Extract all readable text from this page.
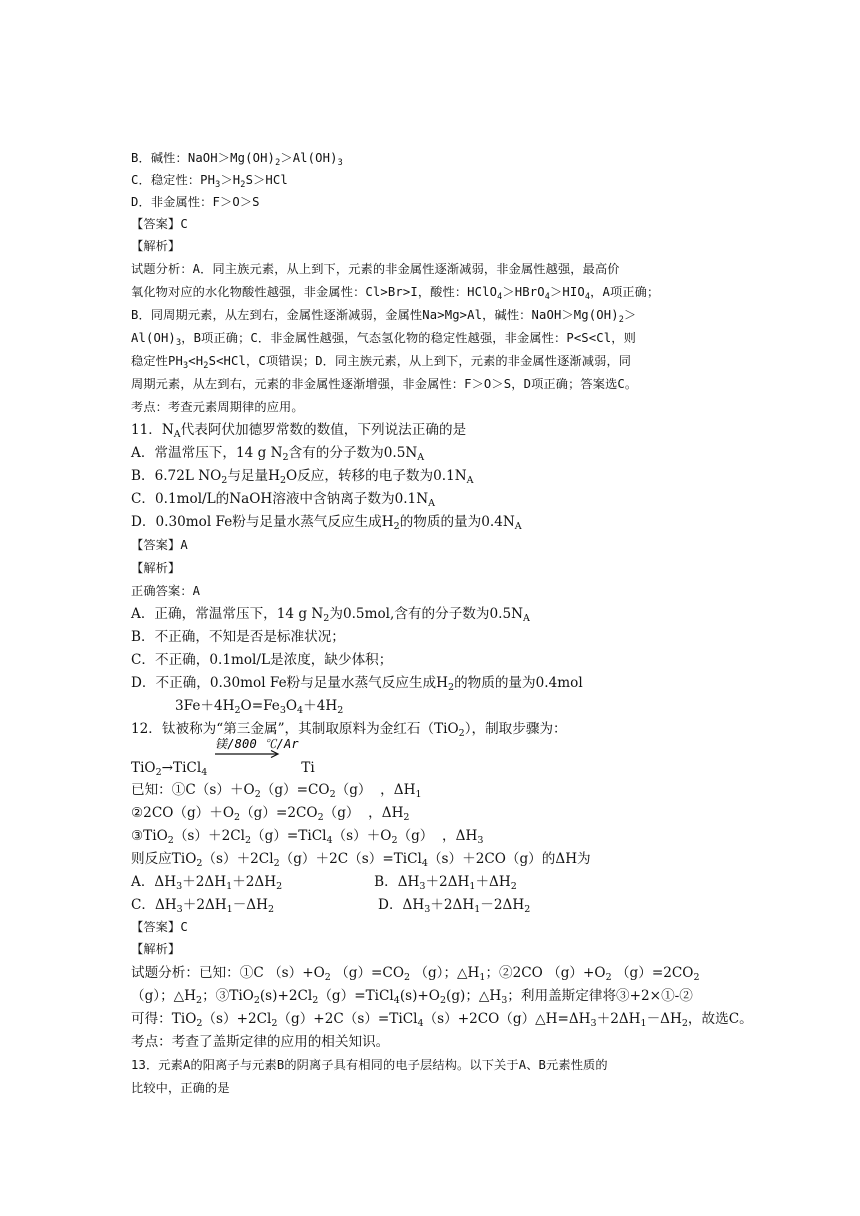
B．碱性：$NaOH>Mg(OH)_2>Al(OH)_3$
C．稳定性：$PH_3>H_2S>HCl$
D．非金属性：F＞O＞S
【答案】C
【解析】
试题分析：A．同主族元素，从上到下，元素的非金属性逐渐减弱，非金属性越强，最高价
氧化物对应的水化物酸性越强，非金属性：Cl>Br>I，酸性：$HClO_4>HBrO_4>HIO_4$，A项正确；
B．同周期元素，从左到右，金属性逐渐减弱，金属性Na>Mg>Al，碱性：$NaOH>Mg(OH)_2>$
$Al(OH)_3$，B项正确；C．非金属性越强，气态氢化物的稳定性越强，非金属性：P<S<Cl，则
稳定性$PH_3<H_2S<HCl$，C项错误；D．同主族元素，从上到下，元素的非金属性逐渐减弱，同
周期元素，从左到右，元素的非金属性逐渐增强，非金属性：F＞O＞S，D项正确；答案选C。
考点：考查元素周期律的应用。
11．$N_A$代表阿伏加德罗常数的数值，下列说法正确的是
A．常温常压下，14 g $N_2$含有的分子数为$0.5N_A$
B．6.72L $NO_2$与足量$H_2O$反应，转移的电子数为$0.1N_A$
C．0.1mol/L的NaOH溶液中含钠离子数为$0.1N_A$
D．0.30mol Fe粉与足量水蒸气反应生成$H_2$的物质的量为$0.4N_A$
【答案】A
【解析】
正确答案：A
A．正确，常温常压下，14 g $N_2$为0.5mol,含有的分子数为$0.5N_A$
B．不正确，不知是否是标准状况；
C．不正确，0.1mol/L是浓度，缺少体积；
D．不正确，0.30mol Fe粉与足量水蒸气反应生成$H_2$的物质的量为0.4mol
$3Fe+4H_2O=Fe_3O_4+4H_2$
12．钛被称为“第三金属”，其制取原料为金红石（TiO$_2$），制取步骤为：
TiO$_2$→TiCl$_4$	Ti
已知：$①C(s)+O_2(g)=CO_2(g)$  ，$\Delta H_1$
$②2CO(g)+O_2(g)=2CO_2(g)$  ，$\Delta H_2$
$③TiO_2(s)+2Cl_2(g)=TiCl_4(s)+O_2(g)$  ，$\Delta H_3$
则反应$TiO_2(s)+2Cl_2(g)+2C(s)=TiCl_4(s)+2CO(g)$的ΔH为
A．$\Delta H_3+2\Delta H_1+2\Delta H_2$	B．$\Delta H_3+2\Delta H_1+\Delta H_2$
C．$\Delta H_3+2\Delta H_1-\Delta H_2$	D．$\Delta H_3+2\Delta H_1-2\Delta H_2$
【答案】C
【解析】
试题分析：已知：①C $(s)+O_2$ $(g)=CO_2$ （g）；$\triangle H_1$；②2CO $(g)+O_2$ $(g)=2CO_2$
（g）；$\triangle H_2$；$③TiO_2(s)+2Cl_2(g)=TiCl_4(s)+O_2(g)$；$\triangle H_3$；利用盖斯定律将③+2×①-②
可得：$TiO_2(s)+2Cl_2(g)+2C(s)=TiCl_4(s)+2CO(g)\triangle H=\Delta H_3+2\Delta H_1-\Delta H_2$，故选C。
考点：考查了盖斯定律的应用的相关知识。
13．元素A的阳离子与元素B的阴离子具有相同的电子层结构。以下关于A、B元素性质的
比较中，正确的是
镁/800 ℃/Ar
